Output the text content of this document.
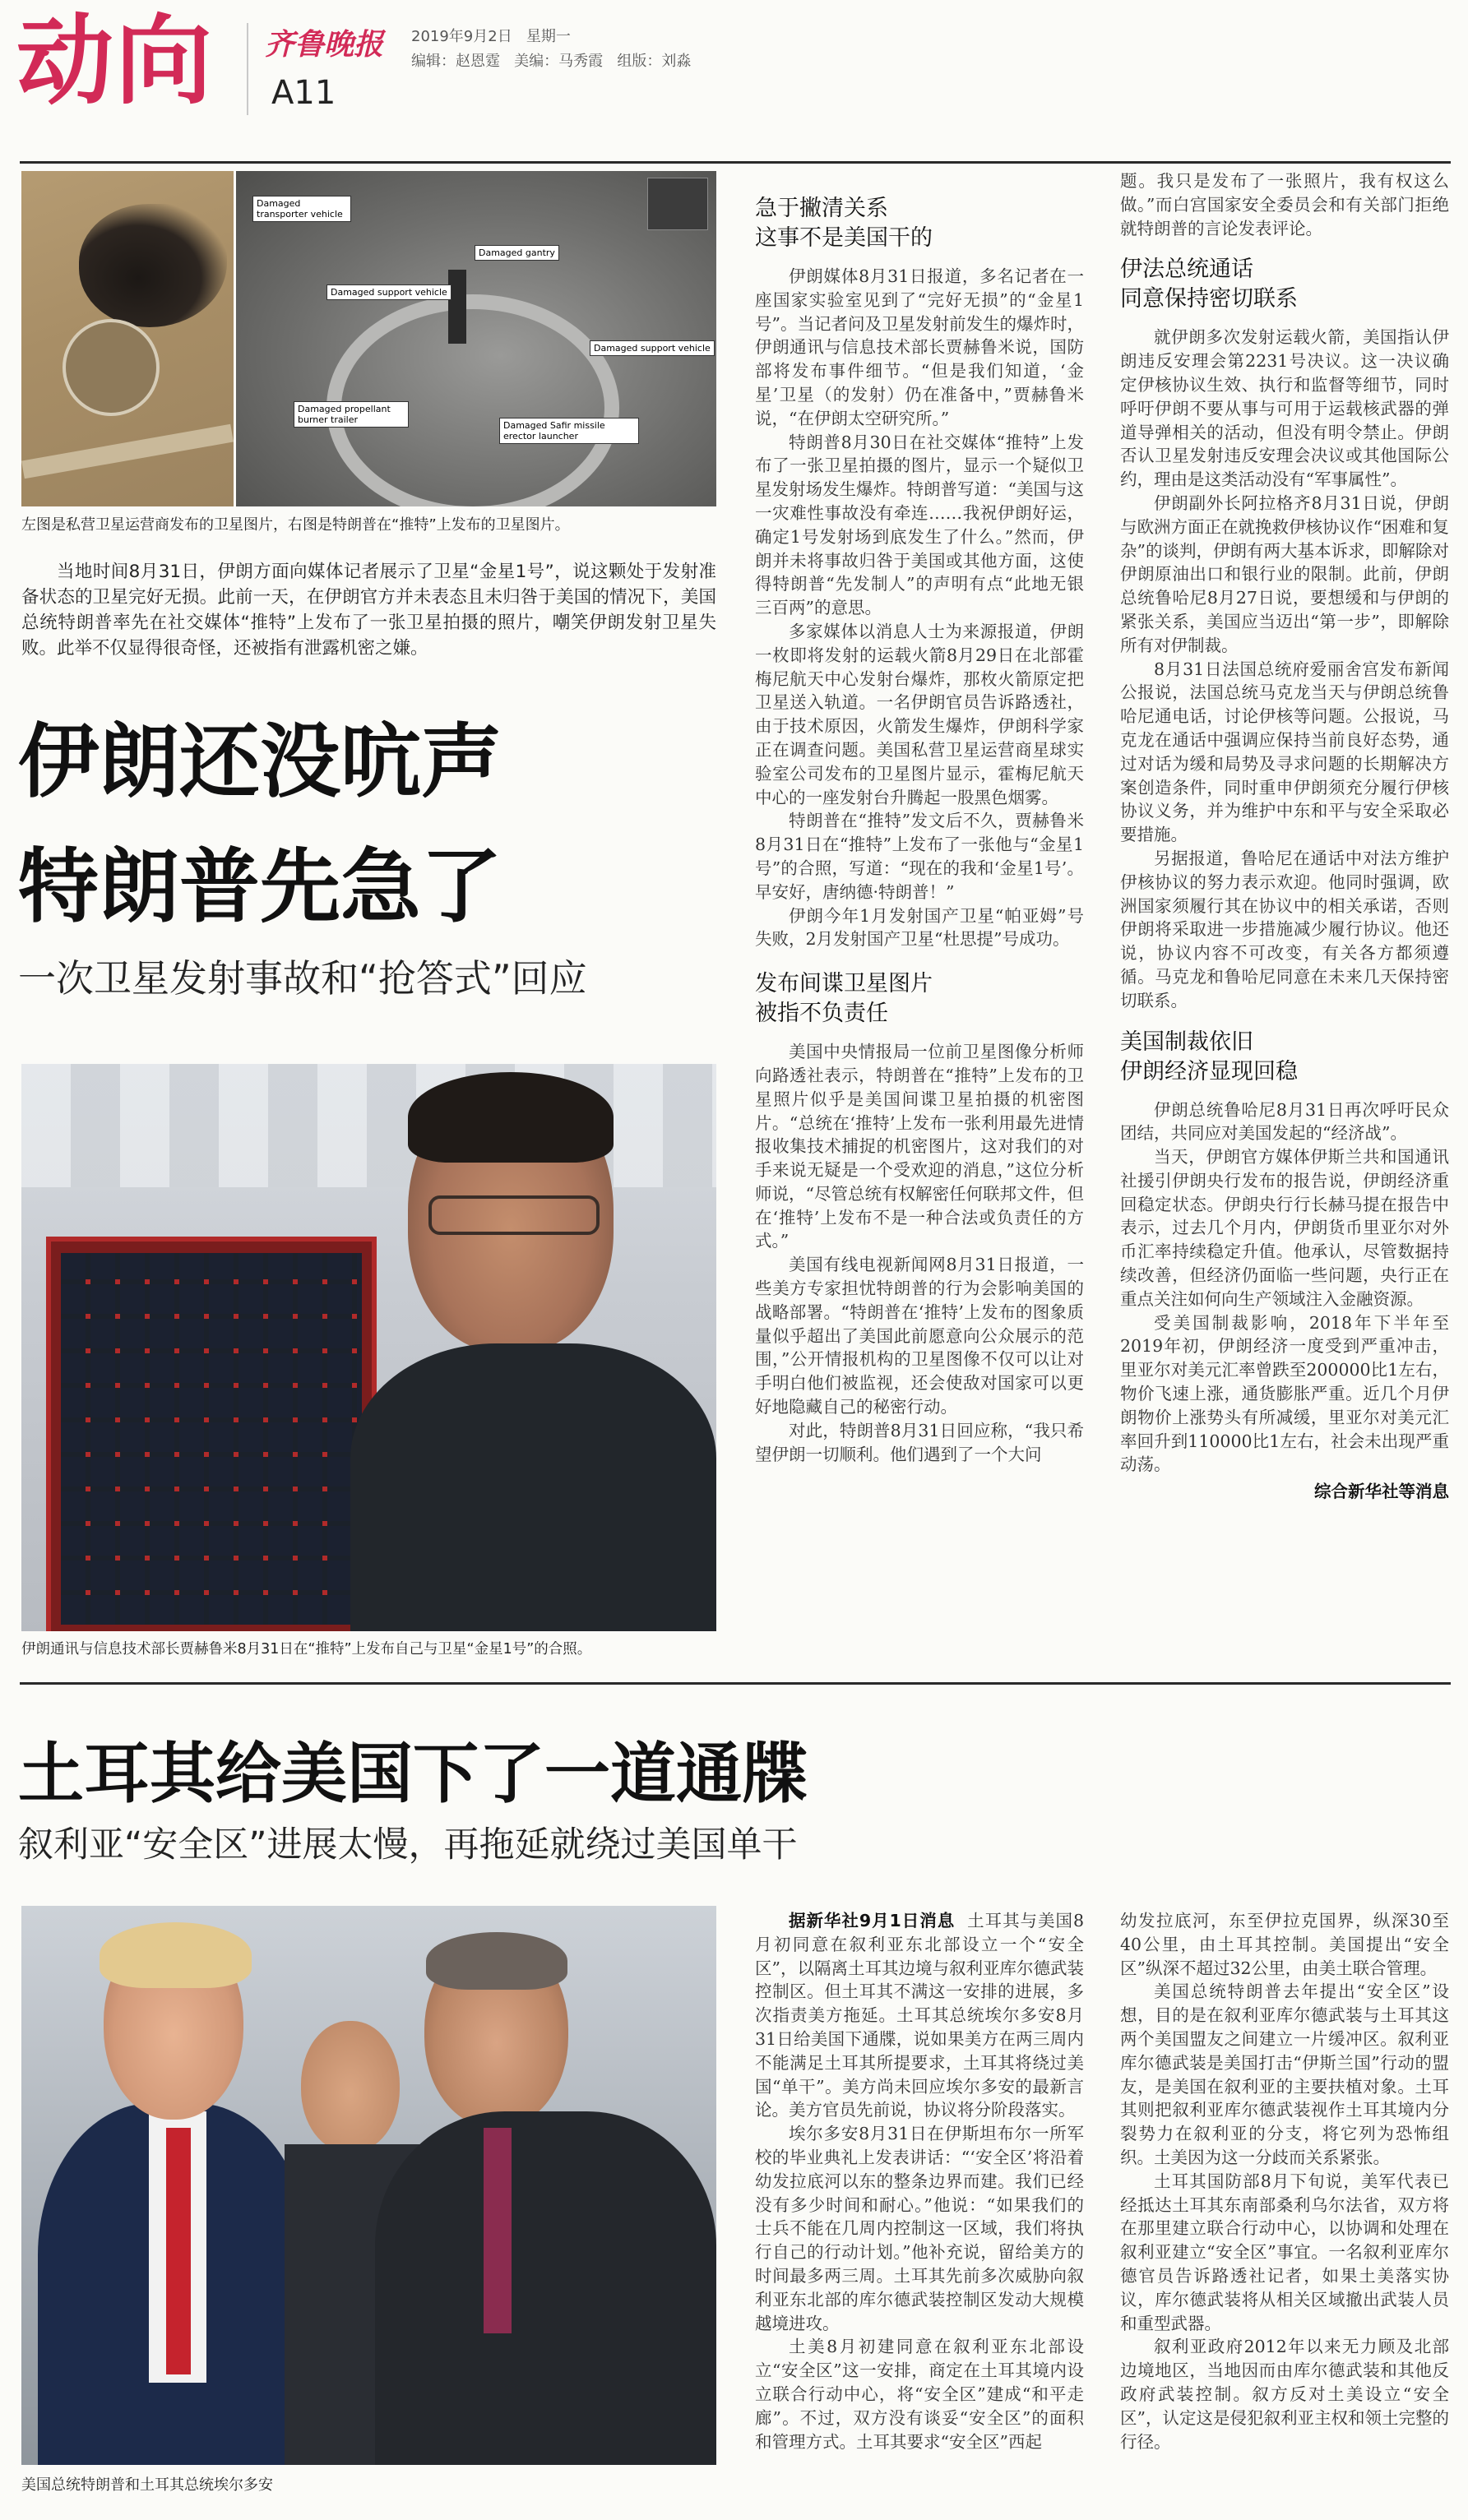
动向 齐鲁晚报 2019年9月2日 星期一
编辑：赵恩霆 美编：马秀霞 组版：刘淼
A11
Damaged gantry
Damaged support vehicle
Damaged support vehicle
Damaged propellant burner trailer
Damaged Safir missile erector launcher
Damaged transporter vehicle
左图是私营卫星运营商发布的卫星图片，右图是特朗普在“推特”上发布的卫星图片。
当地时间8月31日，伊朗方面向媒体记者展示了卫星“金星1号”，说这颗处于发射准备状态的卫星完好无损。此前一天，在伊朗官方并未表态且未归咎于美国的情况下，美国总统特朗普率先在社交媒体“推特”上发布了一张卫星拍摄的照片，嘲笑伊朗发射卫星失败。此举不仅显得很奇怪，还被指有泄露机密之嫌。
伊朗还没吭声
特朗普先急了
一次卫星发射事故和“抢答式”回应
伊朗通讯与信息技术部长贾赫鲁米8月31日在“推特”上发布自己与卫星“金星1号”的合照。
急于撇清关系
这事不是美国干的

伊朗媒体8月31日报道，多名记者在一座国家实验室见到了“完好无损”的“金星1号”。当记者问及卫星发射前发生的爆炸时，伊朗通讯与信息技术部长贾赫鲁米说，国防部将发布事件细节。“但是我们知道，‘金星’卫星（的发射）仍在准备中，”贾赫鲁米说，“在伊朗太空研究所。”

特朗普8月30日在社交媒体“推特”上发布了一张卫星拍摄的图片，显示一个疑似卫星发射场发生爆炸。特朗普写道：“美国与这一灾难性事故没有牵连……我祝伊朗好运，确定1号发射场到底发生了什么。”然而，伊朗并未将事故归咎于美国或其他方面，这使得特朗普“先发制人”的声明有点“此地无银三百两”的意思。

多家媒体以消息人士为来源报道，伊朗一枚即将发射的运载火箭8月29日在北部霍梅尼航天中心发射台爆炸，那枚火箭原定把卫星送入轨道。一名伊朗官员告诉路透社，由于技术原因，火箭发生爆炸，伊朗科学家正在调查问题。美国私营卫星运营商星球实验室公司发布的卫星图片显示，霍梅尼航天中心的一座发射台升腾起一股黑色烟雾。

特朗普在“推特”发文后不久，贾赫鲁米8月31日在“推特”上发布了一张他与“金星1号”的合照，写道：“现在的我和‘金星1号’。早安好，唐纳德·特朗普！”

伊朗今年1月发射国产卫星“帕亚姆”号失败，2月发射国产卫星“杜思提”号成功。

发布间谍卫星图片
被指不负责任

美国中央情报局一位前卫星图像分析师向路透社表示，特朗普在“推特”上发布的卫星照片似乎是美国间谍卫星拍摄的机密图片。“总统在‘推特’上发布一张利用最先进情报收集技术捕捉的机密图片，这对我们的对手来说无疑是一个受欢迎的消息，”这位分析师说，“尽管总统有权解密任何联邦文件，但在‘推特’上发布不是一种合法或负责任的方式。”

美国有线电视新闻网8月31日报道，一些美方专家担忧特朗普的行为会影响美国的战略部署。“特朗普在‘推特’上发布的图象质量似乎超出了美国此前愿意向公众展示的范围，”公开情报机构的卫星图像不仅可以让对手明白他们被监视，还会使敌对国家可以更好地隐藏自己的秘密行动。

对此，特朗普8月31日回应称，“我只希望伊朗一切顺利。他们遇到了一个大问

题。我只是发布了一张照片，我有权这么做。”而白宫国家安全委员会和有关部门拒绝就特朗普的言论发表评论。

伊法总统通话
同意保持密切联系

就伊朗多次发射运载火箭，美国指认伊朗违反安理会第2231号决议。这一决议确定伊核协议生效、执行和监督等细节，同时呼吁伊朗不要从事与可用于运载核武器的弹道导弹相关的活动，但没有明令禁止。伊朗否认卫星发射违反安理会决议或其他国际公约，理由是这类活动没有“军事属性”。

伊朗副外长阿拉格齐8月31日说，伊朗与欧洲方面正在就挽救伊核协议作“困难和复杂”的谈判，伊朗有两大基本诉求，即解除对伊朗原油出口和银行业的限制。此前，伊朗总统鲁哈尼8月27日说，要想缓和与伊朗的紧张关系，美国应当迈出“第一步”，即解除所有对伊制裁。

8月31日法国总统府爱丽舍宫发布新闻公报说，法国总统马克龙当天与伊朗总统鲁哈尼通电话，讨论伊核等问题。公报说，马克龙在通话中强调应保持当前良好态势，通过对话为缓和局势及寻求问题的长期解决方案创造条件，同时重申伊朗须充分履行伊核协议义务，并为维护中东和平与安全采取必要措施。

另据报道，鲁哈尼在通话中对法方维护伊核协议的努力表示欢迎。他同时强调，欧洲国家须履行其在协议中的相关承诺，否则伊朗将采取进一步措施减少履行协议。他还说，协议内容不可改变，有关各方都须遵循。马克龙和鲁哈尼同意在未来几天保持密切联系。

美国制裁依旧
伊朗经济显现回稳

伊朗总统鲁哈尼8月31日再次呼吁民众团结，共同应对美国发起的“经济战”。

当天，伊朗官方媒体伊斯兰共和国通讯社援引伊朗央行发布的报告说，伊朗经济重回稳定状态。伊朗央行行长赫马提在报告中表示，过去几个月内，伊朗货币里亚尔对外币汇率持续稳定升值。他承认，尽管数据持续改善，但经济仍面临一些问题，央行正在重点关注如何向生产领域注入金融资源。

受美国制裁影响，2018年下半年至2019年初，伊朗经济一度受到严重冲击，里亚尔对美元汇率曾跌至200000比1左右，物价飞速上涨，通货膨胀严重。近几个月伊朗物价上涨势头有所减缓，里亚尔对美元汇率回升到110000比1左右，社会未出现严重动荡。

综合新华社等消息
土耳其给美国下了一道通牒
叙利亚“安全区”进展太慢，再拖延就绕过美国单干
美国总统特朗普和土耳其总统埃尔多安

据新华社9月1日消息 土耳其与美国8月初同意在叙利亚东北部设立一个“安全区”，以隔离土耳其边境与叙利亚库尔德武装控制区。但土耳其不满这一安排的进展，多次指责美方拖延。土耳其总统埃尔多安8月31日给美国下通牒，说如果美方在两三周内不能满足土耳其所提要求，土耳其将绕过美国“单干”。美方尚未回应埃尔多安的最新言论。美方官员先前说，协议将分阶段落实。

埃尔多安8月31日在伊斯坦布尔一所军校的毕业典礼上发表讲话：“‘安全区’将沿着幼发拉底河以东的整条边界而建。我们已经没有多少时间和耐心。”他说：“如果我们的士兵不能在几周内控制这一区域，我们将执行自己的行动计划。”他补充说，留给美方的时间最多两三周。土耳其先前多次威胁向叙利亚东北部的库尔德武装控制区发动大规模越境进攻。

土美8月初建同意在叙利亚东北部设立“安全区”这一安排，商定在土耳其境内设立联合行动中心，将“安全区”建成“和平走廊”。不过，双方没有谈妥“安全区”的面积和管理方式。土耳其要求“安全区”西起

幼发拉底河，东至伊拉克国界，纵深30至40公里，由土耳其控制。美国提出“安全区”纵深不超过32公里，由美土联合管理。

美国总统特朗普去年提出“安全区”设想，目的是在叙利亚库尔德武装与土耳其这两个美国盟友之间建立一片缓冲区。叙利亚库尔德武装是美国打击“伊斯兰国”行动的盟友，是美国在叙利亚的主要扶植对象。土耳其则把叙利亚库尔德武装视作土耳其境内分裂势力在叙利亚的分支，将它列为恐怖组织。土美因为这一分歧而关系紧张。

土耳其国防部8月下旬说，美军代表已经抵达土耳其东南部桑利乌尔法省，双方将在那里建立联合行动中心，以协调和处理在叙利亚建立“安全区”事宜。一名叙利亚库尔德官员告诉路透社记者，如果土美落实协议，库尔德武装将从相关区域撤出武装人员和重型武器。

叙利亚政府2012年以来无力顾及北部边境地区，当地因而由库尔德武装和其他反政府武装控制。叙方反对土美设立“安全区”，认定这是侵犯叙利亚主权和领土完整的行径。
